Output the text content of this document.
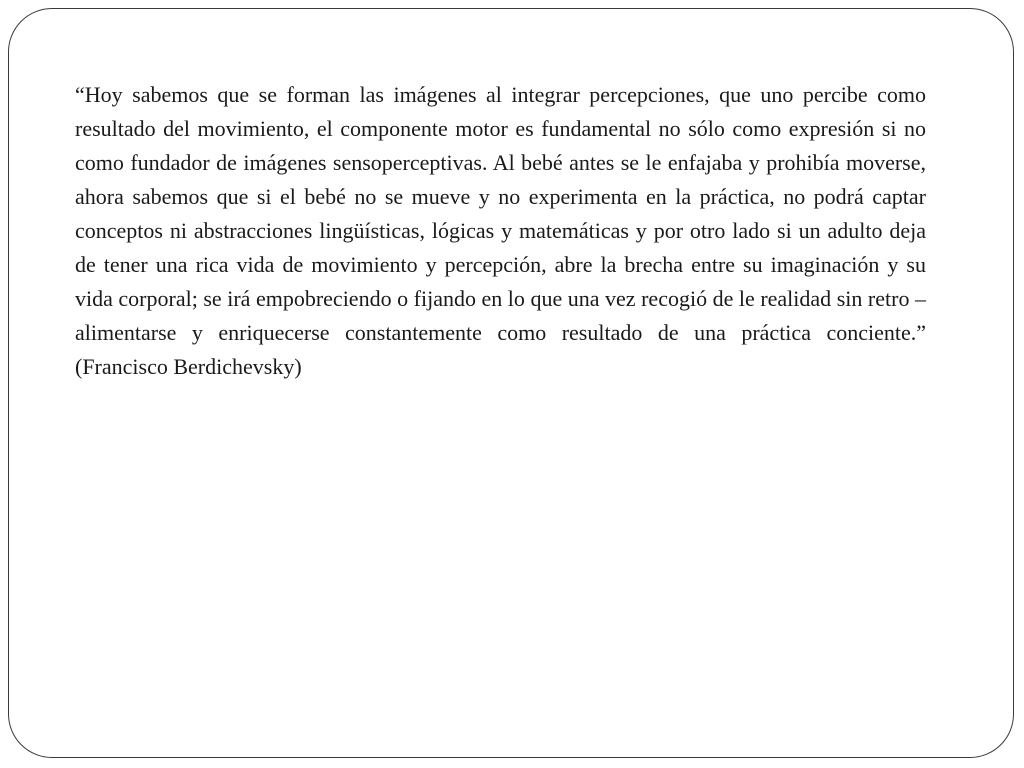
“Hoy sabemos que se forman las imágenes al integrar percepciones, que uno percibe como resultado del movimiento, el componente motor es fundamental no sólo como expresión si no como fundador de imágenes sensoperceptivas. Al bebé antes se le enfajaba y prohibía moverse, ahora sabemos que si el bebé no se mueve y no experimenta en la práctica, no podrá captar conceptos ni abstracciones lingüísticas, lógicas y matemáticas y por otro lado si un adulto deja de tener una rica vida de movimiento y percepción, abre la brecha entre su imaginación y su vida corporal; se irá empobreciendo o fijando en lo que una vez recogió de le realidad sin retro – alimentarse y enriquecerse constantemente como resultado de una práctica conciente.” (Francisco Berdichevsky)
